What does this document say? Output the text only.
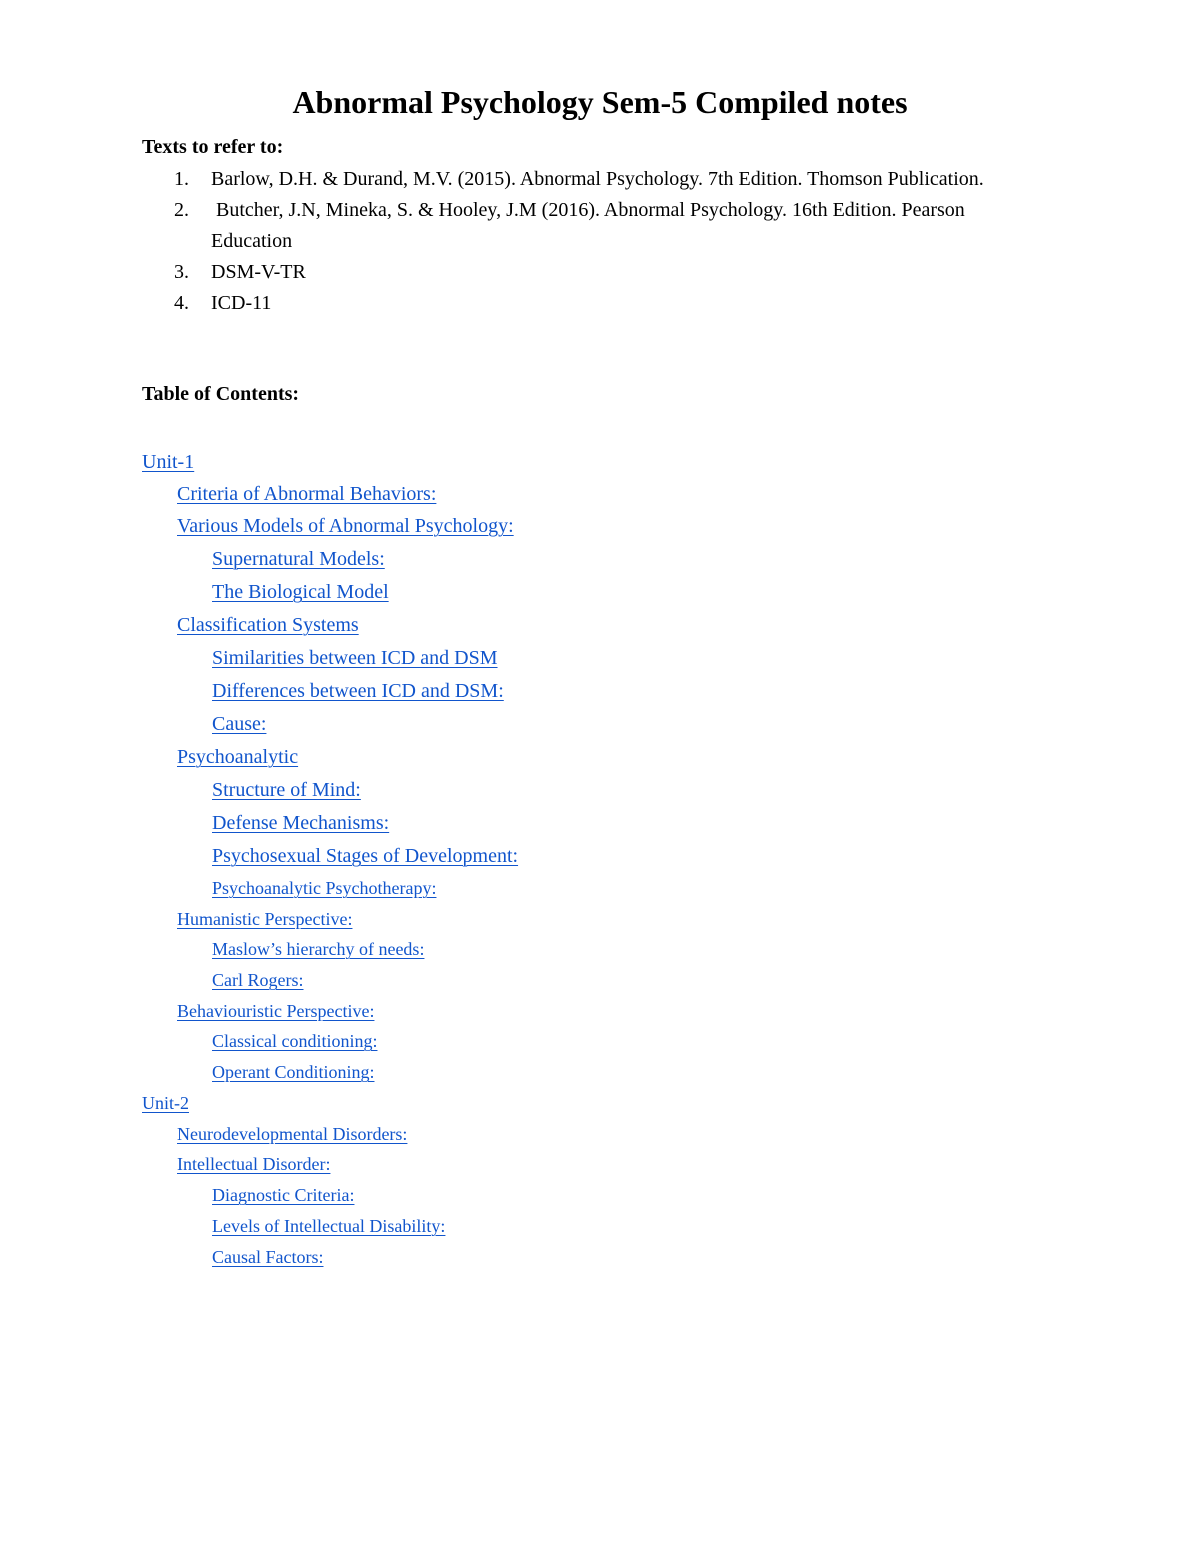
Abnormal Psychology Sem-5 Compiled notes

Texts to refer to:

1. Barlow, D.H. & Durand, M.V. (2015). Abnormal Psychology. 7th Edition. Thomson Publication.
2. Butcher, J.N, Mineka, S. & Hooley, J.M (2016). Abnormal Psychology. 16th Edition. Pearson Education
3. DSM-V-TR
4. ICD-11

Table of Contents:

Unit-1
Criteria of Abnormal Behaviors:
Various Models of Abnormal Psychology:
Supernatural Models:
The Biological Model
Classification Systems
Similarities between ICD and DSM
Differences between ICD and DSM:
Cause:
Psychoanalytic
Structure of Mind:
Defense Mechanisms:
Psychosexual Stages of Development:
Psychoanalytic Psychotherapy:
Humanistic Perspective:
Maslow’s hierarchy of needs:
Carl Rogers:
Behaviouristic Perspective:
Classical conditioning:
Operant Conditioning:
Unit-2
Neurodevelopmental Disorders:
Intellectual Disorder:
Diagnostic Criteria:
Levels of Intellectual Disability:
Causal Factors:
